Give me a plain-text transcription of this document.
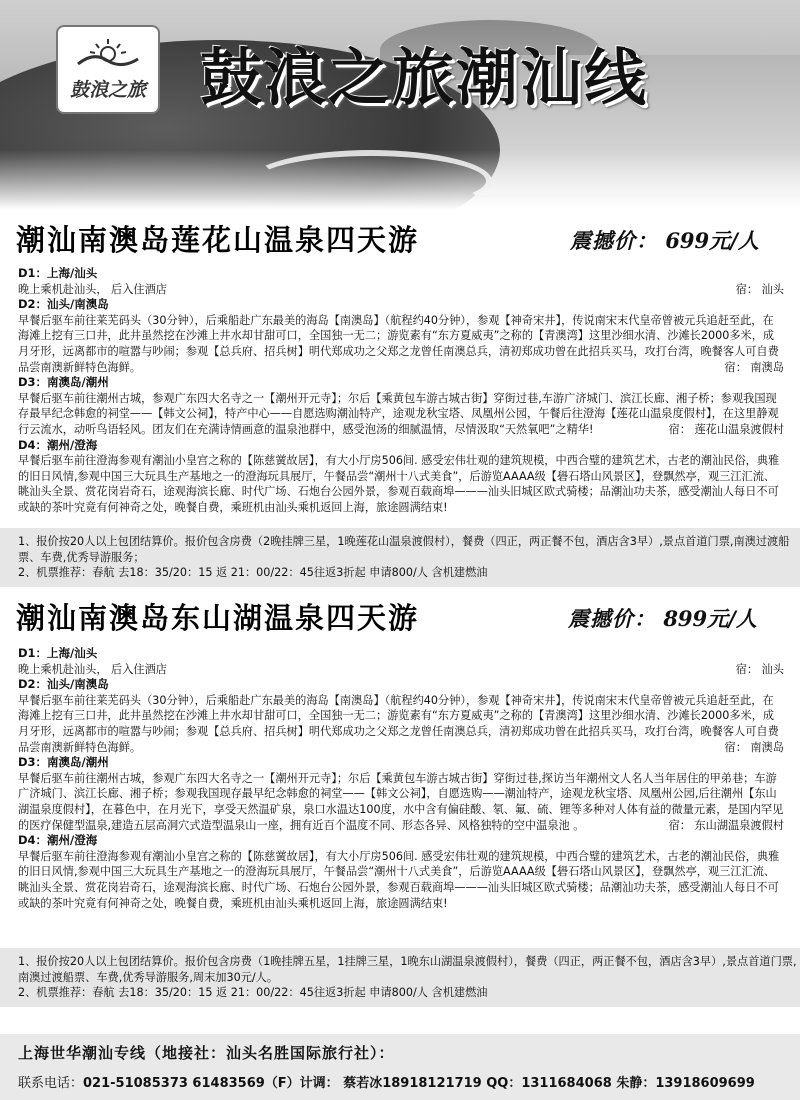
鼓浪之旅 鼓浪之旅潮汕线
潮汕南澳岛莲花山温泉四天游	震撼价： 699元/人
D1：上海/汕头
晚上乘机赴汕头， 后入住酒店	宿： 汕头
D2：汕头/南澳岛
早餐后驱车前往莱芜码头（30分钟），后乘船赴广东最美的海岛【南澳岛】（航程约40分钟），参观【神奇宋井】，传说南宋末代皇帝曾被元兵追赶至此，在海滩上挖有三口井，此井虽然挖在沙滩上井水却甘甜可口，全国独一无二；游览素有“东方夏威夷”之称的【青澳湾】这里沙细水清、沙滩长2000多米，成月牙形，远离都市的喧嚣与吵闹；参观【总兵府、招兵树】明代郑成功之父郑之龙曾任南澳总兵，清初郑成功曾在此招兵买马，攻打台湾，晚餐客人可自费品尝南澳新鲜特色海鲜。	宿： 南澳岛
D3：南澳岛/潮州
早餐后驱车前往潮州古城，参观广东四大名寺之一【潮州开元寺】；尔后【乘黄包车游古城古街】穿街过巷,车游广济城门、滨江长廊、湘子桥；参观我国现存最早纪念韩愈的祠堂——【韩文公祠】，特产中心——自愿选购潮汕特产，途观龙秋宝塔、凤凰州公园，午餐后往澄海【莲花山温泉度假村】，在这里静观行云流水，动听鸟语轻风。团友们在充满诗情画意的温泉池群中，感受泡汤的细腻温情，尽情汲取“天然氧吧”之精华!	宿： 莲花山温泉渡假村
D4：潮州/澄海
早餐后驱车前往澄海参观有潮汕小皇宫之称的【陈慈黉故居】，有大小厅房506间. 感受宏伟壮观的建筑规模，中西合璧的建筑艺术，古老的潮汕民俗，典雅的旧日风情,参观中国三大玩具生产基地之一的澄海玩具展厅，午餐品尝“潮州十八式美食”，后游览AAAA级【礐石塔山风景区】，登飘然亭，观三江汇流、眺汕头全景、赏花岗岩奇石，途观海滨长廊、时代广场、石炮台公园外景，参观百载商埠———汕头旧城区欧式骑楼；品潮汕功夫茶，感受潮汕人每日不可或缺的茶叶究竟有何神奇之处，晚餐自费，乘班机由汕头乘机返回上海，旅途圆满结束!
1、报价按20人以上包团结算价。报价包含房费（2晚挂牌三星，1晚莲花山温泉渡假村），餐费（四正，两正餐不包，酒店含3早）,景点首道门票,南澳过渡船票、车费,优秀导游服务；
2、机票推荐：春航 去18：35/20：15 返 21：00/22：45往返3折起 申请800/人 含机建燃油
潮汕南澳岛东山湖温泉四天游	震撼价： 899元/人
D1：上海/汕头
晚上乘机赴汕头， 后入住酒店	宿： 汕头
D2：汕头/南澳岛
早餐后驱车前往莱芜码头（30分钟），后乘船赴广东最美的海岛【南澳岛】（航程约40分钟），参观【神奇宋井】，传说南宋末代皇帝曾被元兵追赶至此，在海滩上挖有三口井，此井虽然挖在沙滩上井水却甘甜可口，全国独一无二；游览素有“东方夏威夷”之称的【青澳湾】这里沙细水清、沙滩长2000多米，成月牙形，远离都市的喧嚣与吵闹；参观【总兵府、招兵树】明代郑成功之父郑之龙曾任南澳总兵，清初郑成功曾在此招兵买马，攻打台湾，晚餐客人可自费品尝南澳新鲜特色海鲜。	宿： 南澳岛
D3：南澳岛/潮州
早餐后驱车前往潮州古城，参观广东四大名寺之一【潮州开元寺】；尔后【乘黄包车游古城古街】穿街过巷,探访当年潮州文人名人当年居住的甲弟巷；车游广济城门、滨江长廊、湘子桥；参观我国现存最早纪念韩愈的祠堂——【韩文公祠】，自愿选购——潮汕特产，途观龙秋宝塔、凤凰州公园,后往潮州【东山湖温泉度假村】，在暮色中，在月光下，享受天然温矿泉，泉口水温达100度，水中含有偏硅酸、氡、氟、硫、锂等多种对人体有益的微量元素，是国内罕见的医疗保健型温泉,建造五层高洞穴式造型温泉山一座，拥有近百个温度不同、形态各异、风格独特的空中温泉池 。	宿： 东山湖温泉渡假村
D4：潮州/澄海
早餐后驱车前往澄海参观有潮汕小皇宫之称的【陈慈黉故居】，有大小厅房506间. 感受宏伟壮观的建筑规模，中西合璧的建筑艺术，古老的潮汕民俗，典雅的旧日风情,参观中国三大玩具生产基地之一的澄海玩具展厅，午餐品尝“潮州十八式美食”，后游览AAAA级【礐石塔山风景区】，登飘然亭，观三江汇流、眺汕头全景、赏花岗岩奇石，途观海滨长廊、时代广场、石炮台公园外景，参观百载商埠———汕头旧城区欧式骑楼；品潮汕功夫茶，感受潮汕人每日不可或缺的茶叶究竟有何神奇之处，晚餐自费，乘班机由汕头乘机返回上海，旅途圆满结束!
1、报价按20人以上包团结算价。报价包含房费（1晚挂牌五星，1挂牌三星，1晚东山湖温泉渡假村），餐费（四正，两正餐不包，酒店含3早）,景点首道门票,南澳过渡船票、车费,优秀导游服务,周末加30元/人。
2、机票推荐：春航 去18：35/20：15 返 21：00/22：45往返3折起 申请800/人 含机建燃油
上海世华潮汕专线（地接社：汕头名胜国际旅行社）：
联系电话：021-51085373 61483569（F）计调： 蔡若冰18918121719 QQ：1311684068 朱静：13918609699
